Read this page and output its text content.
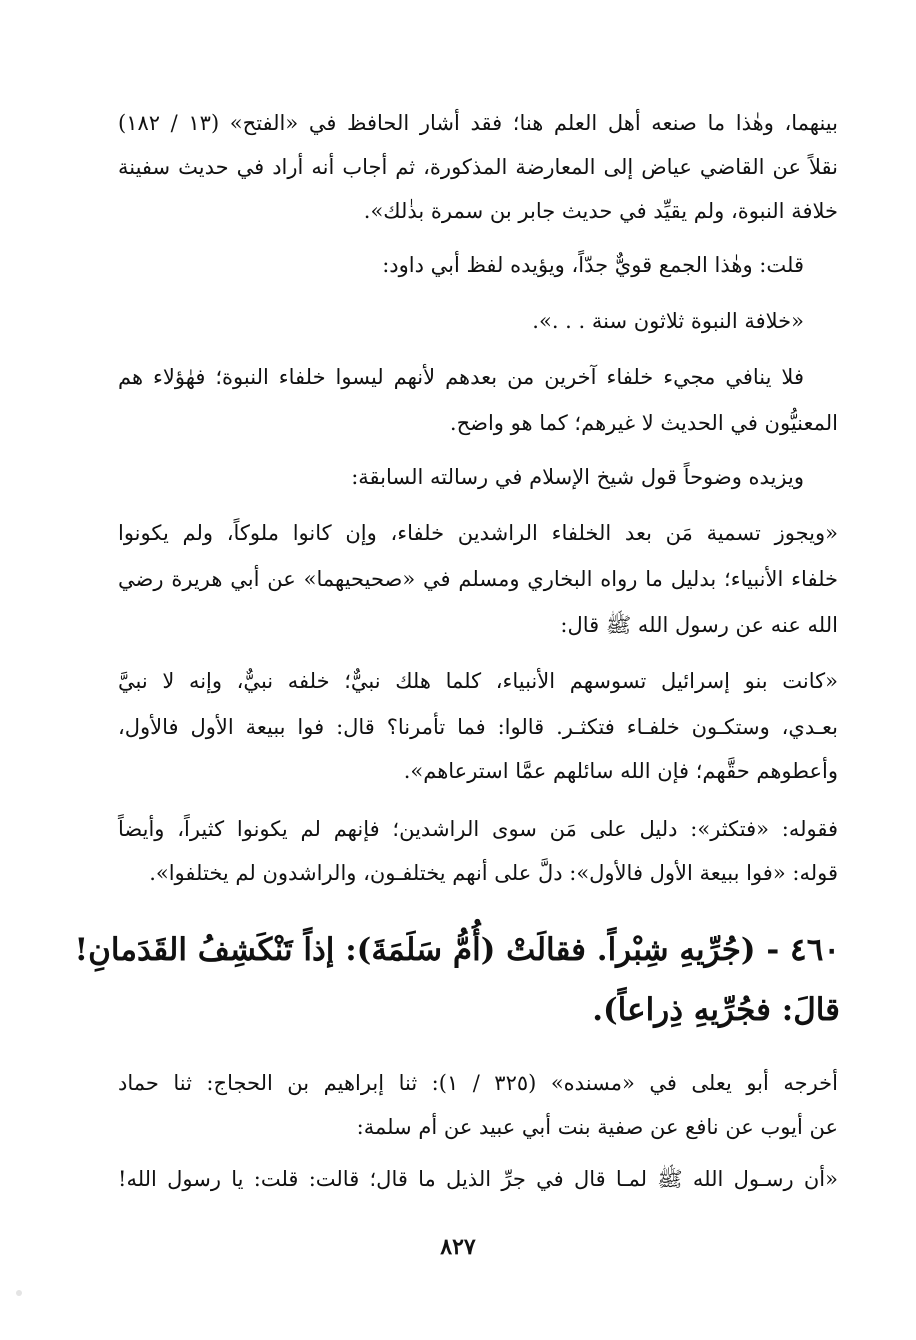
بينهما، وهٰذا ما صنعه أهل العلم هنا؛ فقد أشار الحافظ في «الفتح» (١٣ / ١٨٢)
نقلاً عن القاضي عياض إلى المعارضة المذكورة، ثم أجاب أنه أراد في حديث سفينة
خلافة النبوة، ولم يقيِّد في حديث جابر بن سمرة بذٰلك».
قلت: وهٰذا الجمع قويٌّ جدّاً، ويؤيده لفظ أبي داود:
«خلافة النبوة ثلاثون سنة . . .».
فلا ينافي مجيء خلفاء آخرين من بعدهم لأنهم ليسوا خلفاء النبوة؛ فهٰؤلاء هم
المعنيُّون في الحديث لا غيرهم؛ كما هو واضح.
ويزيده وضوحاً قول شيخ الإسلام في رسالته السابقة:
«ويجوز تسمية مَن بعد الخلفاء الراشدين خلفاء، وإن كانوا ملوكاً، ولم يكونوا
خلفاء الأنبياء؛ بدليل ما رواه البخاري ومسلم في «صحيحيهما» عن أبي هريرة رضي
الله عنه عن رسول الله ﷺ قال:
«كانت بنو إسرائيل تسوسهم الأنبياء، كلما هلك نبيٌّ؛ خلفه نبيٌّ، وإنه لا نبيَّ
بعـدي، وستكـون خلفـاء فتكثـر. قالوا: فما تأمرنا؟ قال: فوا ببيعة الأول فالأول،
وأعطوهم حقَّهم؛ فإن الله سائلهم عمَّا استرعاهم».
فقوله: «فتكثر»: دليل على مَن سوى الراشدين؛ فإنهم لم يكونوا كثيراً، وأيضاً
قوله: «فوا ببيعة الأول فالأول»: دلَّ على أنهم يختلفـون، والراشدون لم يختلفوا».
٤٦٠ - (جُرِّيهِ شِبْراً. فقالَتْ (أُمُّ سَلَمَةَ): إذاً تَنْكَشِفُ القَدَمانِ!
قالَ: فجُرِّيهِ ذِراعاً).
أخرجه أبو يعلى في «مسنده» (٣٢٥ / ١): ثنا إبراهيم بن الحجاج: ثنا حماد
عن أيوب عن نافع عن صفية بنت أبي عبيد عن أم سلمة:
«أن رسـول الله ﷺ لمـا قال في جرِّ الذيل ما قال؛ قالت: قلت: يا رسول الله!
٨٢٧
